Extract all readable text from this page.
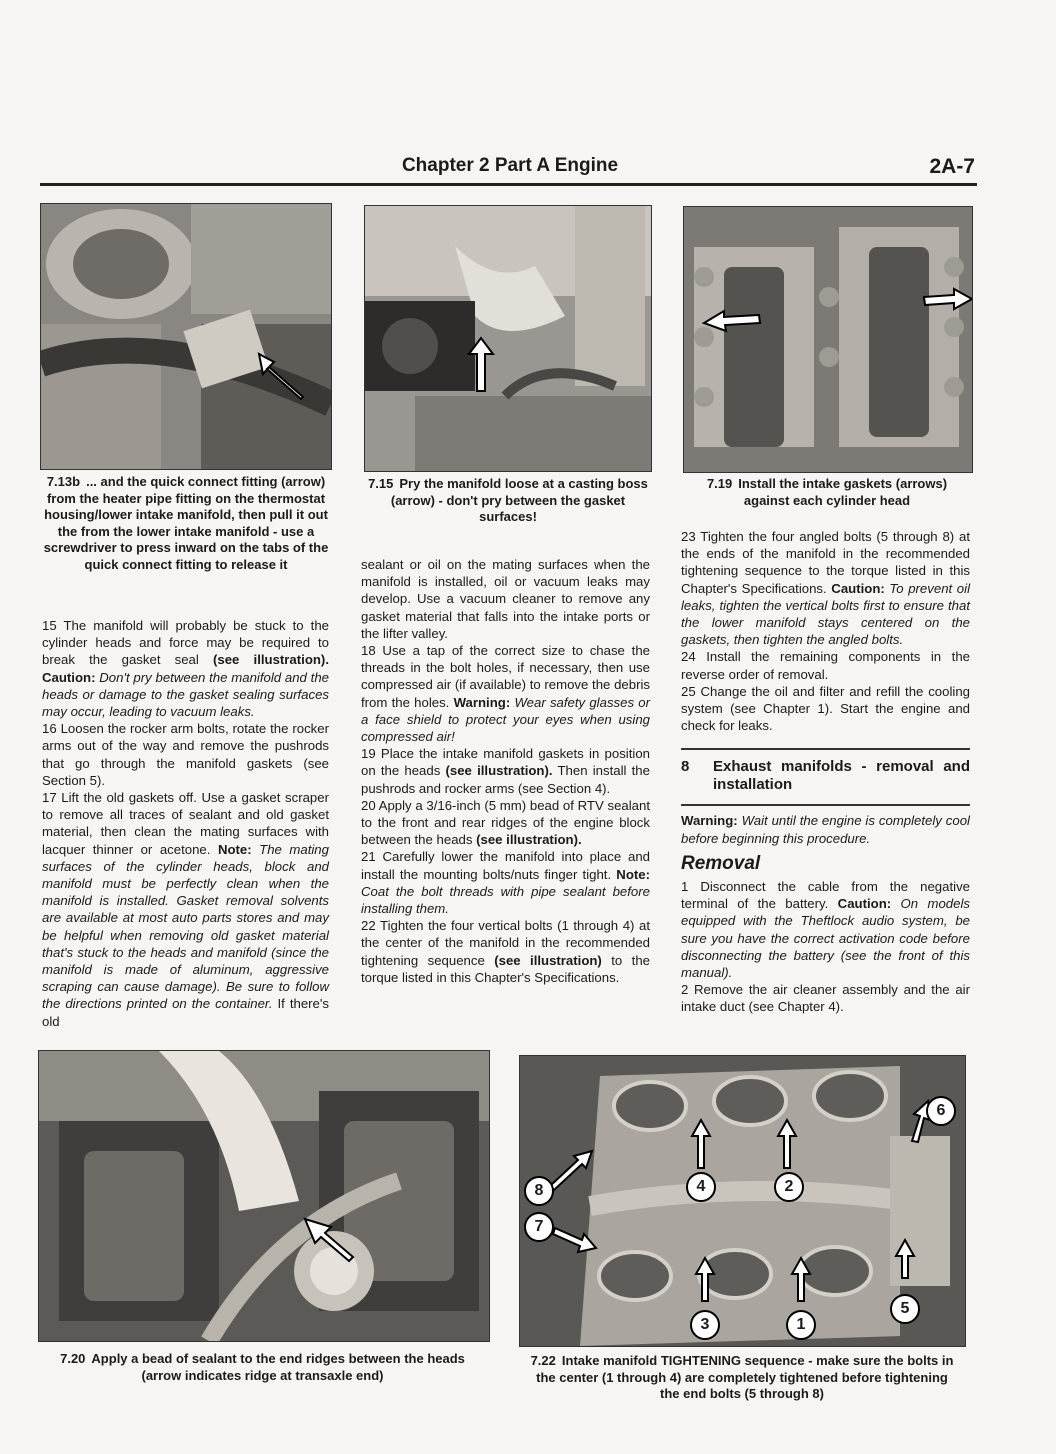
Chapter 2 Part A Engine	2A-7
7.13b ... and the quick connect fitting (arrow) from the heater pipe fitting on the thermostat housing/lower intake manifold, then pull it out the from the lower intake manifold - use a screwdriver to press inward on the tabs of the quick connect fitting to release it
7.15 Pry the manifold loose at a casting boss (arrow) - don't pry between the gasket surfaces!
7.19 Install the intake gaskets (arrows) against each cylinder head

15 The manifold will probably be stuck to the cylinder heads and force may be required to break the gasket seal (see illustration). Caution: Don't pry between the manifold and the heads or damage to the gasket sealing surfaces may occur, leading to vacuum leaks.

16 Loosen the rocker arm bolts, rotate the rocker arms out of the way and remove the pushrods that go through the manifold gaskets (see Section 5).

17 Lift the old gaskets off. Use a gasket scraper to remove all traces of sealant and old gasket material, then clean the mating surfaces with lacquer thinner or acetone. Note: The mating surfaces of the cylinder heads, block and manifold must be perfectly clean when the manifold is installed. Gasket removal solvents are available at most auto parts stores and may be helpful when removing old gasket material that's stuck to the heads and manifold (since the manifold is made of aluminum, aggressive scraping can cause damage). Be sure to follow the directions printed on the container. If there's old

sealant or oil on the mating surfaces when the manifold is installed, oil or vacuum leaks may develop. Use a vacuum cleaner to remove any gasket material that falls into the intake ports or the lifter valley.

18 Use a tap of the correct size to chase the threads in the bolt holes, if necessary, then use compressed air (if available) to remove the debris from the holes. Warning: Wear safety glasses or a face shield to protect your eyes when using compressed air!

19 Place the intake manifold gaskets in position on the heads (see illustration). Then install the pushrods and rocker arms (see Section 4).

20 Apply a 3/16-inch (5 mm) bead of RTV sealant to the front and rear ridges of the engine block between the heads (see illustration).

21 Carefully lower the manifold into place and install the mounting bolts/nuts finger tight. Note: Coat the bolt threads with pipe sealant before installing them.

22 Tighten the four vertical bolts (1 through 4) at the center of the manifold in the recommended tightening sequence (see illustration) to the torque listed in this Chapter's Specifications.

23 Tighten the four angled bolts (5 through 8) at the ends of the manifold in the recommended tightening sequence to the torque listed in this Chapter's Specifications. Caution: To prevent oil leaks, tighten the vertical bolts first to ensure that the lower manifold stays centered on the gaskets, then tighten the angled bolts.

24 Install the remaining components in the reverse order of removal.

25 Change the oil and filter and refill the cooling system (see Chapter 1). Start the engine and check for leaks.

8	Exhaust manifolds - removal and installation

Warning: Wait until the engine is completely cool before beginning this procedure.

Removal

1 Disconnect the cable from the negative terminal of the battery. Caution: On models equipped with the Theftlock audio system, be sure you have the correct activation code before disconnecting the battery (see the front of this manual).

2 Remove the air cleaner assembly and the air intake duct (see Chapter 4).

7.20 Apply a bead of sealant to the end ridges between the heads (arrow indicates ridge at transaxle end)
4	2
3	1
5
6
8
7
7.22 Intake manifold TIGHTENING sequence - make sure the bolts in the center (1 through 4) are completely tightened before tightening the end bolts (5 through 8)
